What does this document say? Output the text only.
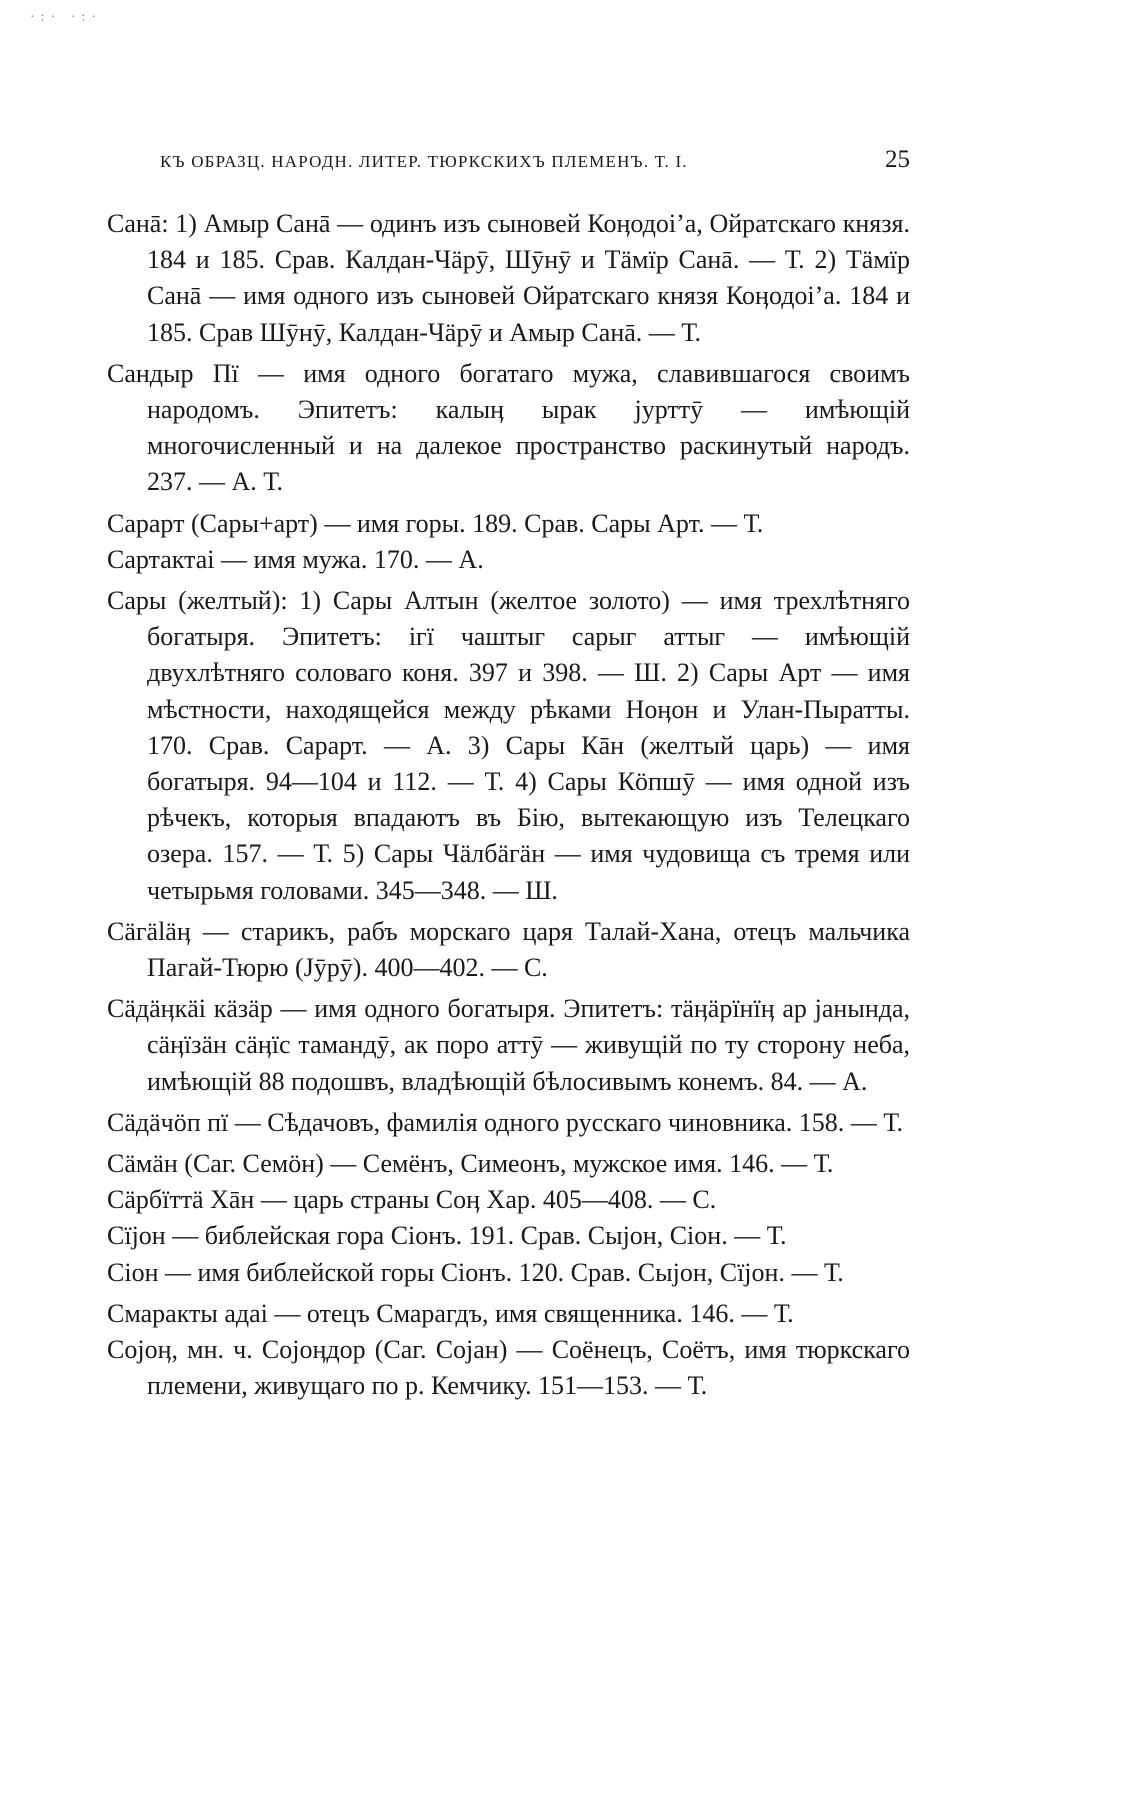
·:· ·:·
КЪ ОБРАЗЦ. НАРОДН. ЛИТЕР. ТЮРКСКИХЪ ПЛЕМЕНЪ. Т. I.	25

Санā: 1) Амыр Санā — одинъ изъ сыновей Коӊодоі’а, Ойратскаго князя. 184 и 185. Срав. Калдан-Чäрӯ, Шӯнӯ и Тäмїр Санā. — Т. 2) Тäмїр Санā — имя одного изъ сыновей Ойратскаго князя Коӊодоі’а. 184 и 185. Срав Шӯнӯ, Калдан-Чäрӯ и Амыр Санā. — Т.

Сандыр Пї — имя одного богатаго мужа, славившагося своимъ народомъ. Эпитетъ: калыӊ ырак јурттӯ — имѣющій многочисленный и на далекое пространство раскинутый народъ. 237. — А. Т.

Сарарт (Сары+арт) — имя горы. 189. Срав. Сары Арт. — Т.

Сартактаі — имя мужа. 170. — А.

Сары (желтый): 1) Сары Алтын (желтое золото) — имя трехлѣтняго богатыря. Эпитетъ: ігї чаштыг сарыг аттыг — имѣющій двухлѣтняго соловаго коня. 397 и 398. — Ш. 2) Сары Арт — имя мѣстности, находящейся между рѣками Ноӊон и Улан-Пыратты. 170. Срав. Сарарт. — А. 3) Сары Кāн (желтый царь) — имя богатыря. 94—104 и 112. — Т. 4) Сары Кöпшӯ — имя одной изъ рѣчекъ, которыя впадаютъ въ Бію, вытекающую изъ Телецкаго озера. 157. — Т. 5) Сары Чäлбäгäн — имя чудовища съ тремя или четырьмя головами. 345—348. — Ш.

Сäгäläӊ — старикъ, рабъ морскаго царя Талай-Хана, отецъ мальчика Пагай-Тюрю (Јӯрӯ). 400—402. — С.

Сäдäӊкäі кäзäр — имя одного богатыря. Эпитетъ: тäӊäрїнїӊ ар јанында, сäӊїзäн сäӊїс тамандӯ, ак поро аттӯ — живущій по ту сторону неба, имѣющій 88 подошвъ, владѣющій бѣлосивымъ конемъ. 84. — А.

Сäдäчöп пї — Сѣдачовъ, фамилія одного русскаго чиновника. 158. — Т.

Сäмäн (Саг. Семöн) — Семёнъ, Симеонъ, мужское имя. 146. — Т.

Сäрбїттä Хāн — царь страны Соӊ Хар. 405—408. — С.

Сїјон — библейская гора Сіонъ. 191. Срав. Сыјон, Сіон. — Т.

Сіон — имя библейской горы Сіонъ. 120. Срав. Сыјон, Сїјон. — Т.

Смаракты адаі — отецъ Смарагдъ, имя священника. 146. — Т.

Сојоӊ, мн. ч. Сојоӊдор (Саг. Сојан) — Соёнецъ, Соётъ, имя тюркскаго племени, живущаго по р. Кемчику. 151—153. — Т.
